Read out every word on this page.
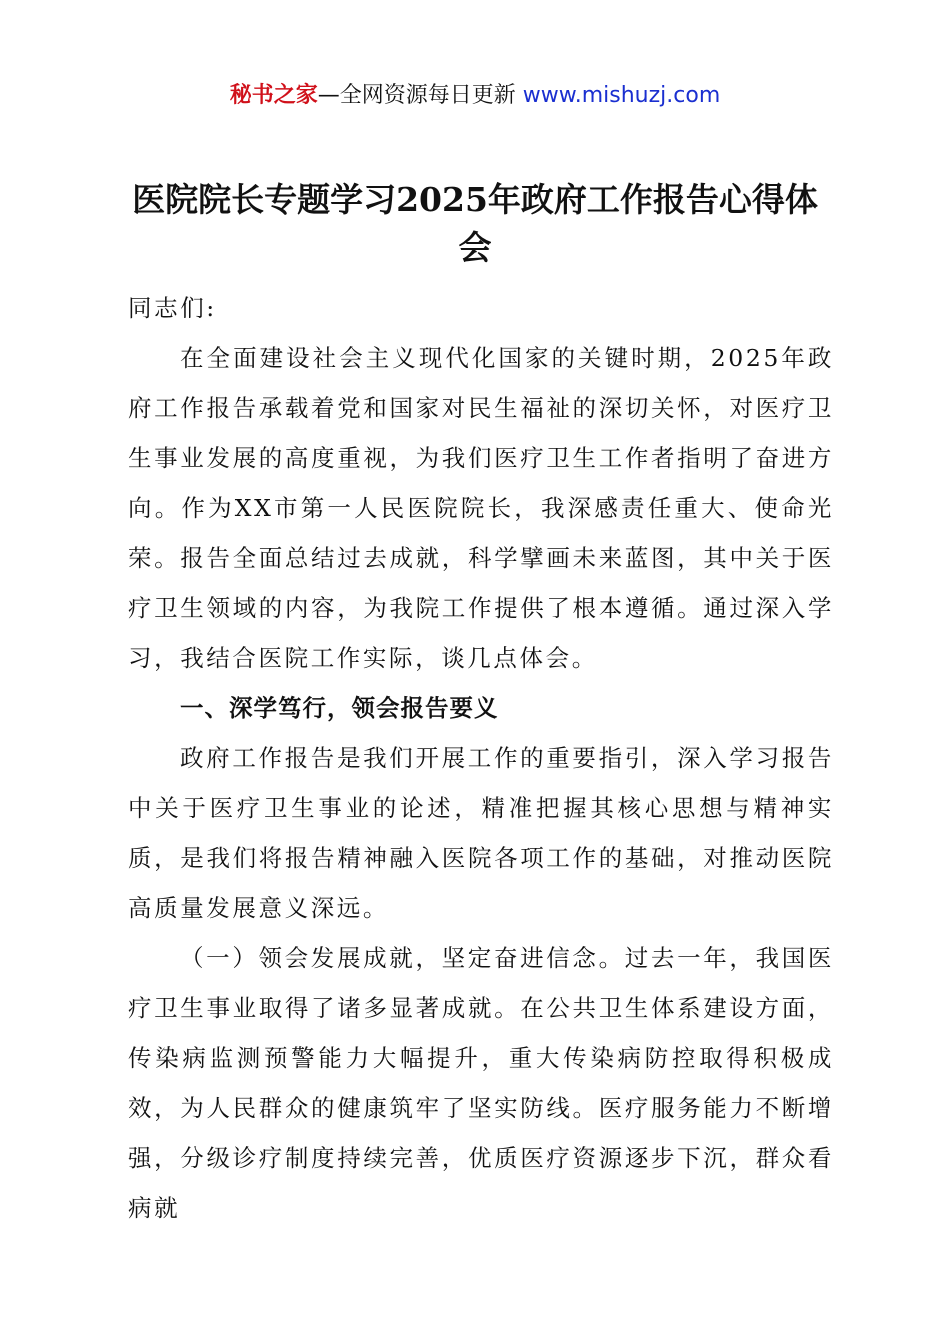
秘书之家—全网资源每日更新 www.mishuzj.com
医院院长专题学习2025年政府工作报告心得体会

同志们:

在全面建设社会主义现代化国家的关键时期，2025年政府工作报告承载着党和国家对民生福祉的深切关怀，对医疗卫生事业发展的高度重视，为我们医疗卫生工作者指明了奋进方向。作为XX市第一人民医院院长，我深感责任重大、使命光荣。报告全面总结过去成就，科学擘画未来蓝图，其中关于医疗卫生领域的内容，为我院工作提供了根本遵循。通过深入学习，我结合医院工作实际，谈几点体会。

一、深学笃行，领会报告要义

政府工作报告是我们开展工作的重要指引，深入学习报告中关于医疗卫生事业的论述，精准把握其核心思想与精神实质，是我们将报告精神融入医院各项工作的基础，对推动医院高质量发展意义深远。

（一）领会发展成就，坚定奋进信念。过去一年，我国医疗卫生事业取得了诸多显著成就。在公共卫生体系建设方面，传染病监测预警能力大幅提升，重大传染病防控取得积极成效，为人民群众的健康筑牢了坚实防线。医疗服务能力不断增强，分级诊疗制度持续完善，优质医疗资源逐步下沉，群众看病就
